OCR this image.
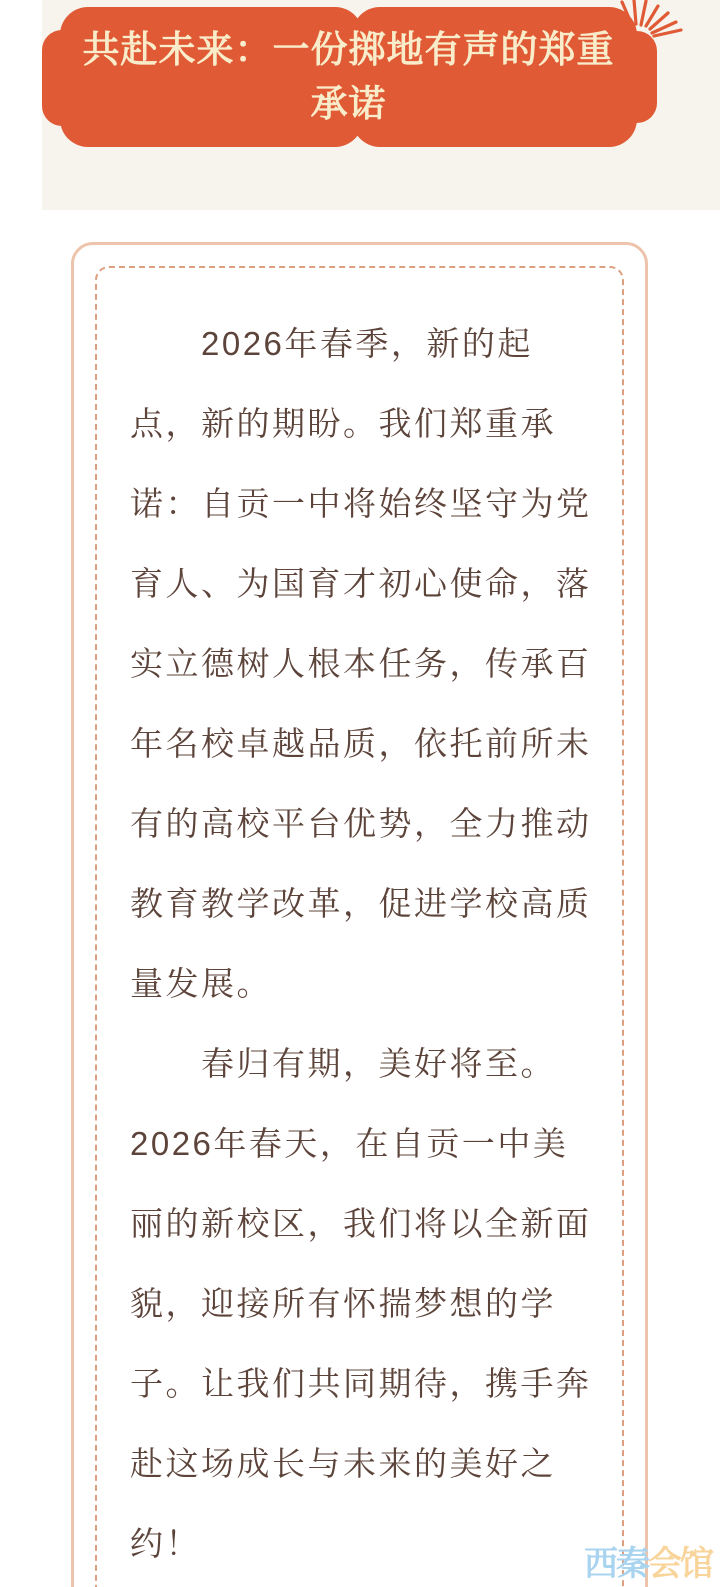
共赴未来：一份掷地有声的郑重
承诺

2026年春季，新的起点，新的期盼。我们郑重承诺：自贡一中将始终坚守为党育人、为国育才初心使命，落实立德树人根本任务，传承百年名校卓越品质，依托前所未有的高校平台优势，全力推动教育教学改革，促进学校高质量发展。

春归有期，美好将至。2026年春天，在自贡一中美丽的新校区，我们将以全新面貌，迎接所有怀揣梦想的学子。让我们共同期待，携手奔赴这场成长与未来的美好之约！

西秦会馆
